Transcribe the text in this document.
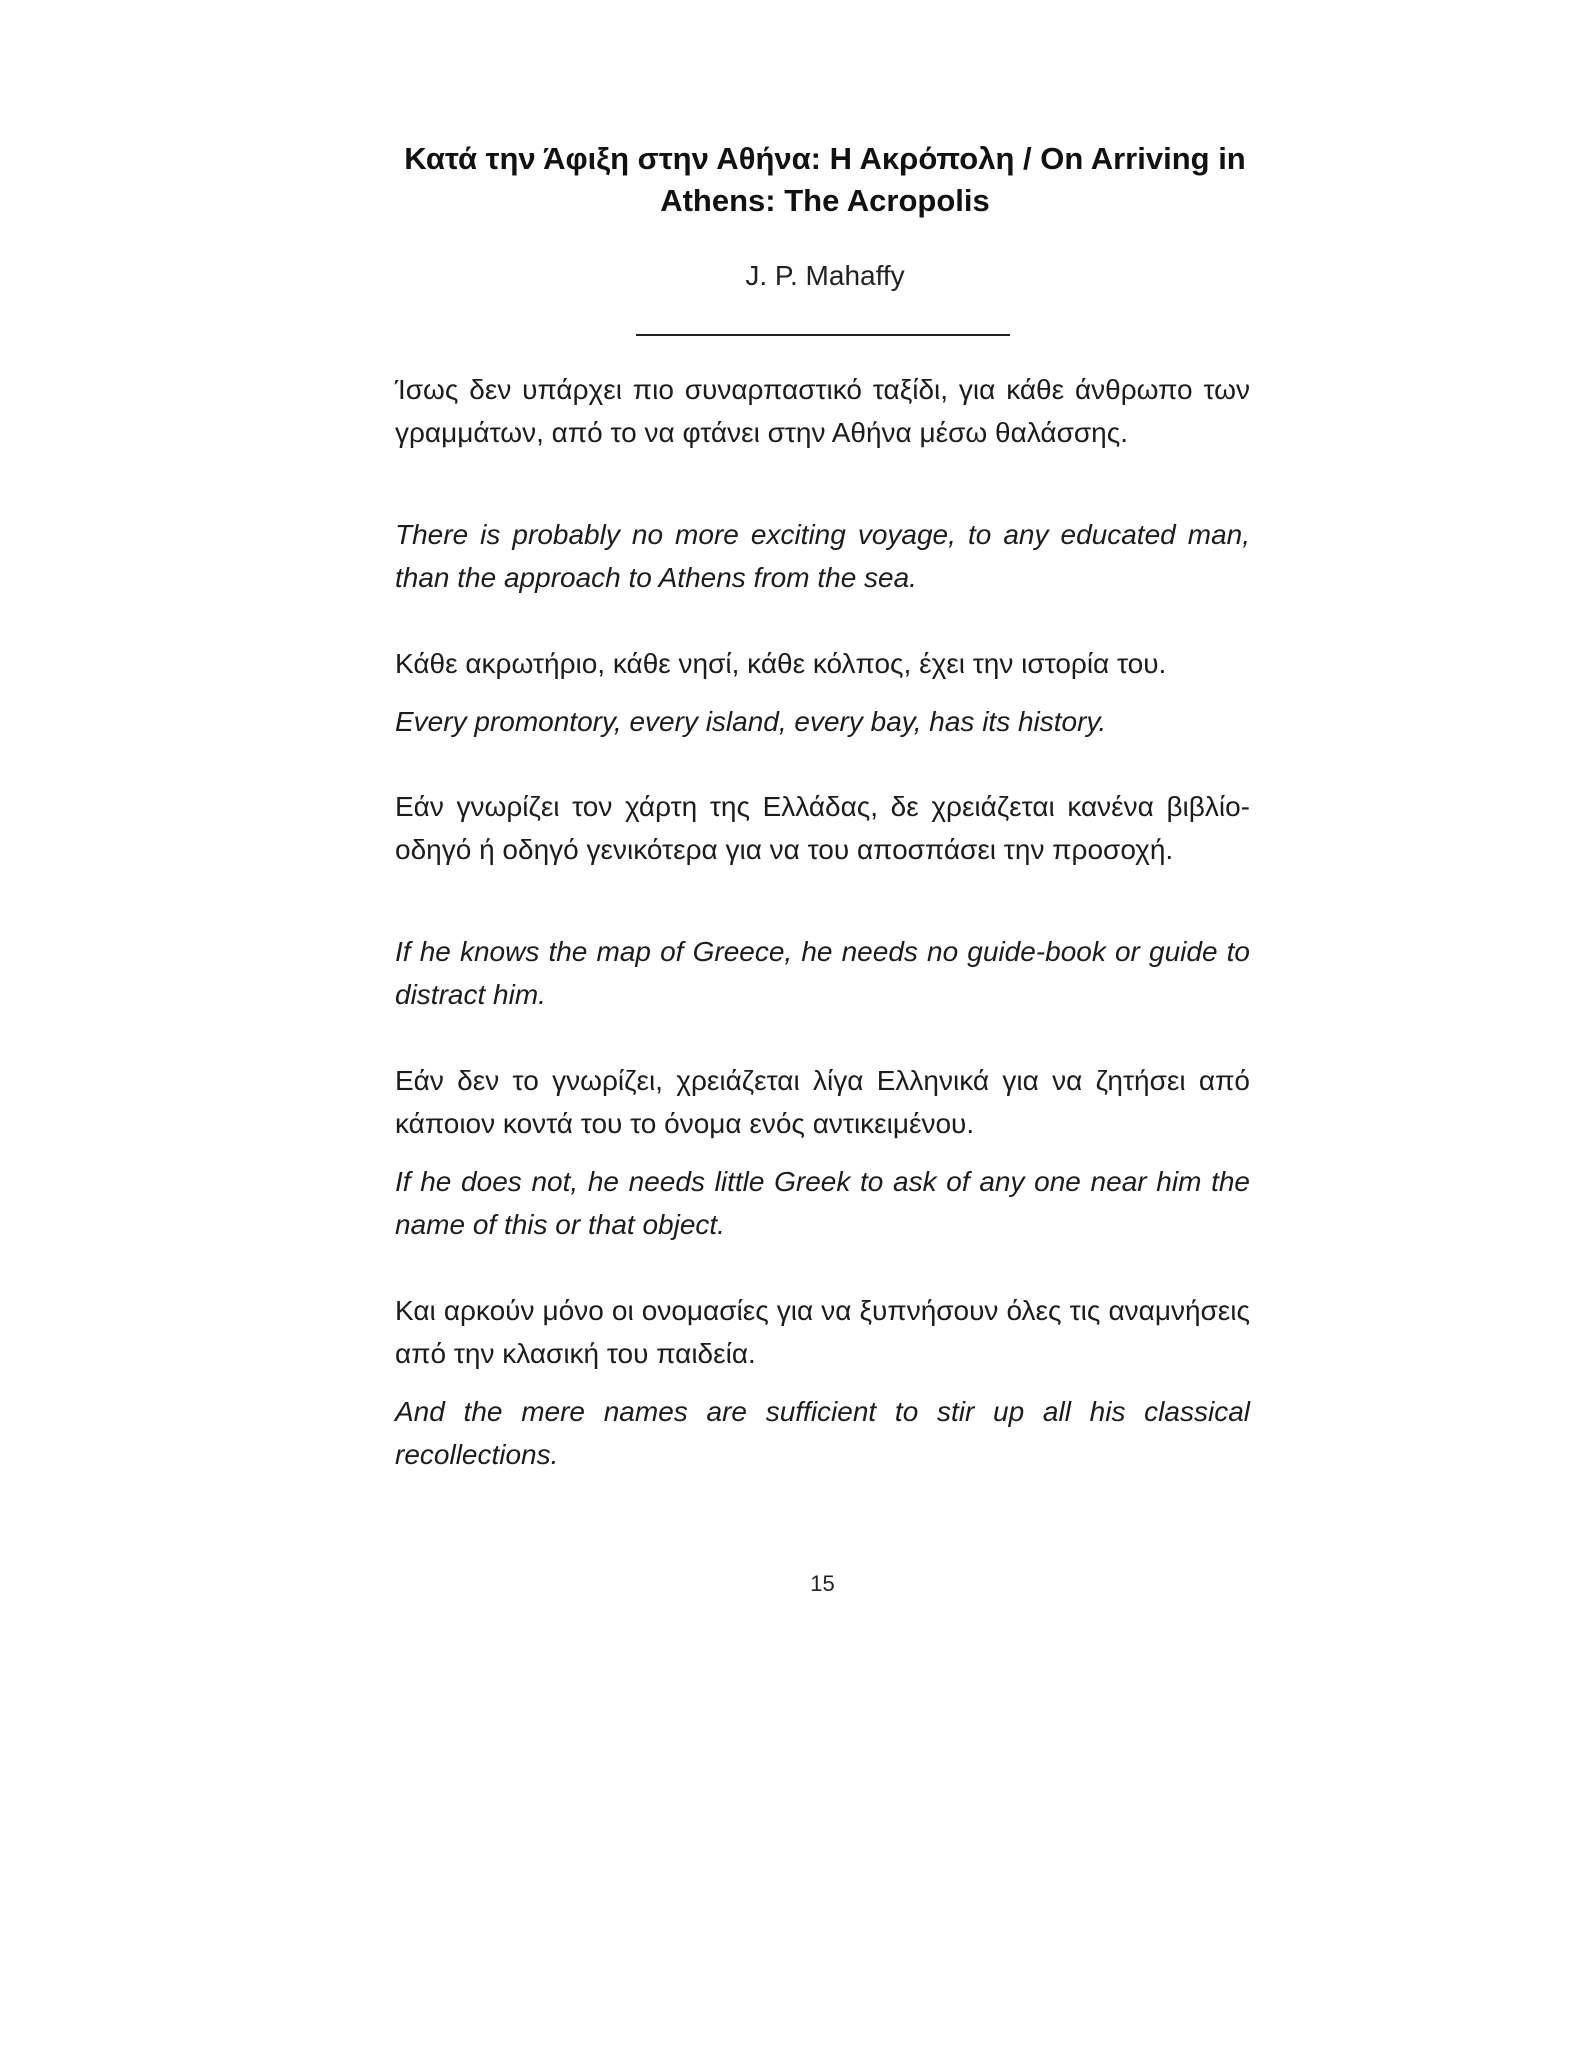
Κατά την Άφιξη στην Αθήνα: Η Ακρόπολη / On Arriving in Athens: The Acropolis
J. P. Mahaffy
Ίσως δεν υπάρχει πιο συναρπαστικό ταξίδι, για κάθε άνθρωπο των γραμμάτων, από το να φτάνει στην Αθήνα μέσω θαλάσσης.
There is probably no more exciting voyage, to any educated man, than the approach to Athens from the sea.
Κάθε ακρωτήριο, κάθε νησί, κάθε κόλπος, έχει την ιστορία του.
Every promontory, every island, every bay, has its history.
Εάν γνωρίζει τον χάρτη της Ελλάδας, δε χρειάζεται κανένα βιβλίο-οδηγό ή οδηγό γενικότερα για να του αποσπάσει την προσοχή.
If he knows the map of Greece, he needs no guide-book or guide to distract him.
Εάν δεν το γνωρίζει, χρειάζεται λίγα Ελληνικά για να ζητήσει από κάποιον κοντά του το όνομα ενός αντικειμένου.
If he does not, he needs little Greek to ask of any one near him the name of this or that object.
Και αρκούν μόνο οι ονομασίες για να ξυπνήσουν όλες τις αναμνήσεις από την κλασική του παιδεία.
And the mere names are sufficient to stir up all his classical recollections.
15
